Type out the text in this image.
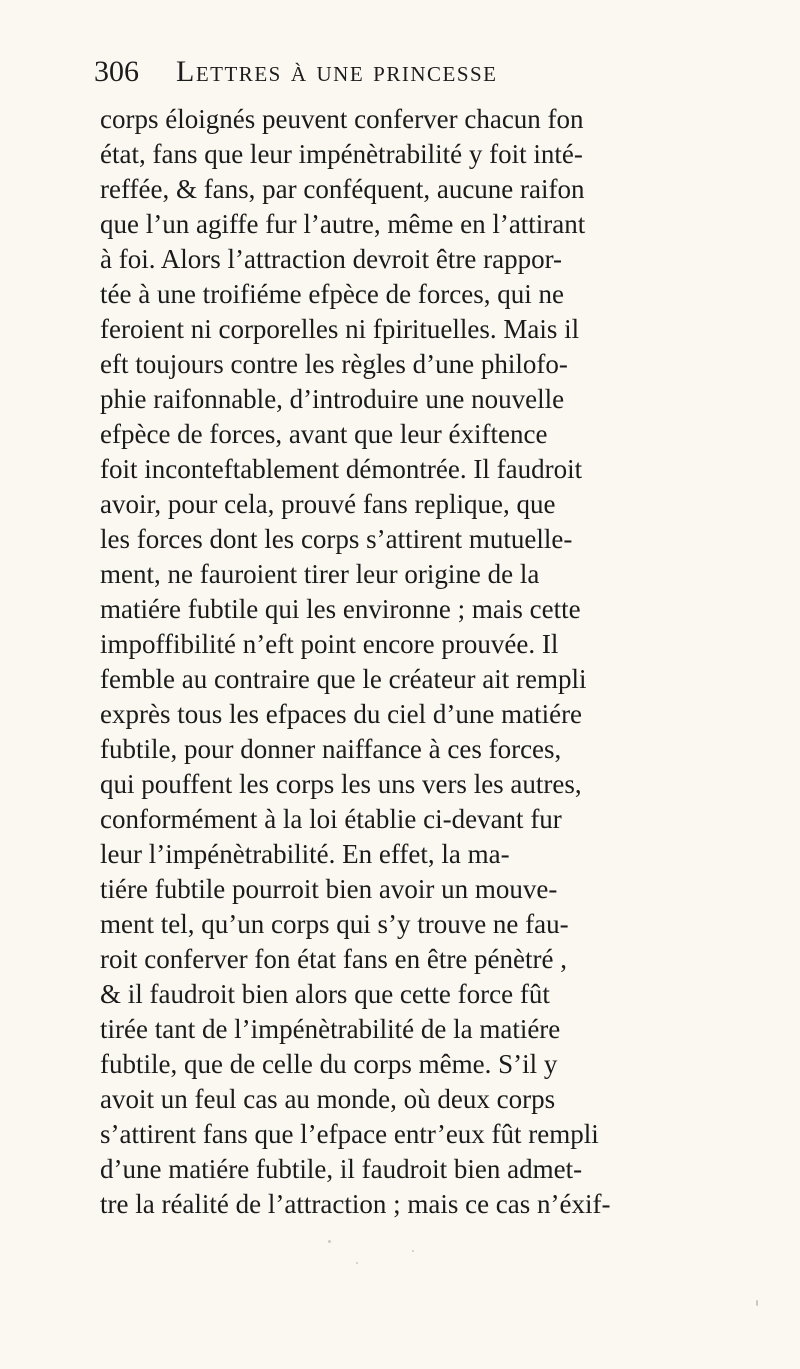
306 Lettres à une princesse
corps éloignés peuvent conferver chacun fon
état, fans que leur impénètrabilité y foit inté-
reffée, & fans, par conféquent, aucune raifon
que l’un agiffe fur l’autre, même en l’attirant
à foi. Alors l’attraction devroit être rappor-
tée à une troifiéme efpèce de forces, qui ne
feroient ni corporelles ni fpirituelles. Mais il
eft toujours contre les règles d’une philofo-
phie raifonnable, d’introduire une nouvelle
efpèce de forces, avant que leur éxiftence
foit inconteftablement démontrée. Il faudroit
avoir, pour cela, prouvé fans replique, que
les forces dont les corps s’attirent mutuelle-
ment, ne fauroient tirer leur origine de la
matiére fubtile qui les environne ; mais cette
impoffibilité n’eft point encore prouvée. Il
femble au contraire que le créateur ait rempli
exprès tous les efpaces du ciel d’une matiére
fubtile, pour donner naiffance à ces forces,
qui pouffent les corps les uns vers les autres,
conformément à la loi établie ci-devant fur
leur l’impénètrabilité. En effet, la ma-
tiére fubtile pourroit bien avoir un mouve-
ment tel, qu’un corps qui s’y trouve ne fau-
roit conferver fon état fans en être pénètré ,
& il faudroit bien alors que cette force fût
tirée tant de l’impénètrabilité de la matiére
fubtile, que de celle du corps même. S’il y
avoit un feul cas au monde, où deux corps
s’attirent fans que l’efpace entr’eux fût rempli
d’une matiére fubtile, il faudroit bien admet-
tre la réalité de l’attraction ; mais ce cas n’éxif-
